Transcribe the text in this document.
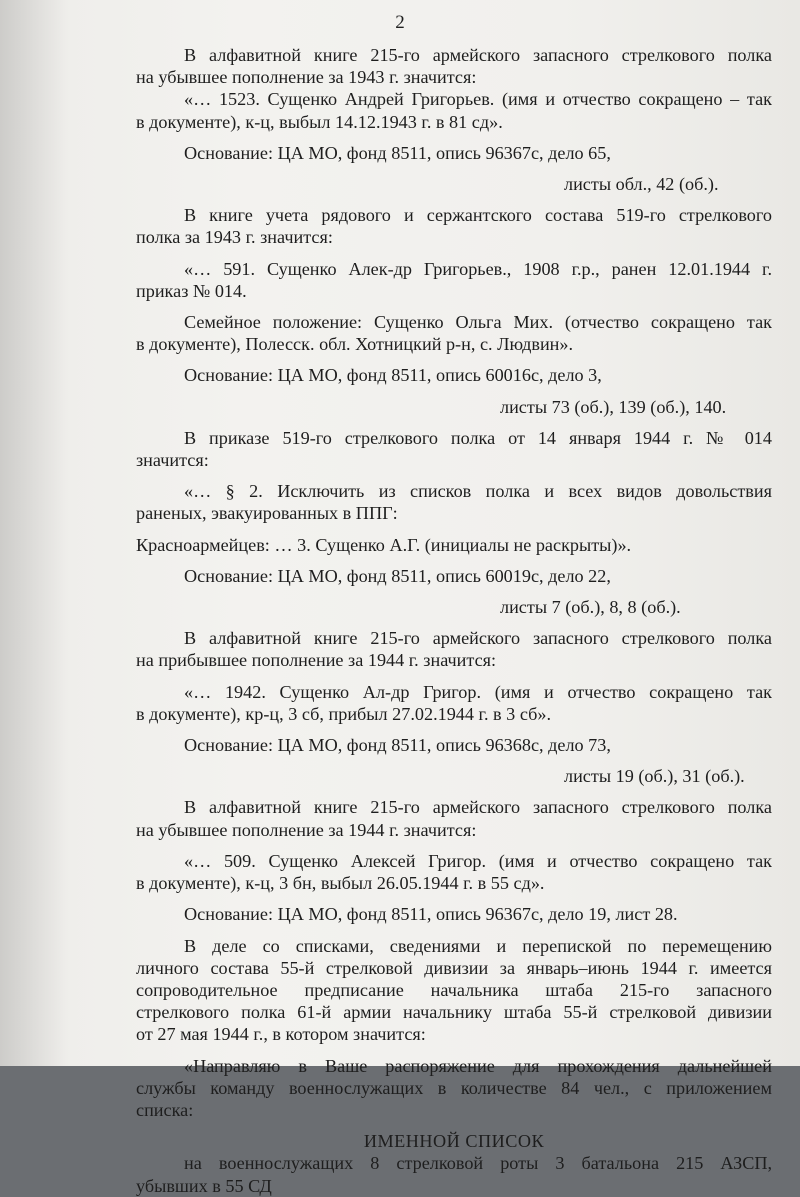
2

В алфавитной книге 215-го армейского запасного стрелкового полка

на убывшее пополнение за 1943 г. значится:

«… 1523. Сущенко Андрей Григорьев. (имя и отчество сокращено – так

в документе), к-ц, выбыл 14.12.1943 г. в 81 сд».

Основание: ЦА МО, фонд 8511, опись 96367с, дело 65,

листы обл., 42 (об.).

В книге учета рядового и сержантского состава 519-го стрелкового

полка за 1943 г. значится:

«… 591. Сущенко Алек-др Григорьев., 1908 г.р., ранен 12.01.1944 г.

приказ № 014.

Семейное положение: Сущенко Ольга Мих. (отчество сокращено так

в документе), Полесск. обл. Хотницкий р-н, с. Людвин».

Основание: ЦА МО, фонд 8511, опись 60016с, дело 3,

листы 73 (об.), 139 (об.), 140.

В приказе 519-го стрелкового полка от 14 января 1944 г. № 014

значится:

«… § 2. Исключить из списков полка и всех видов довольствия

раненых, эвакуированных в ППГ:

Красноармейцев: … 3. Сущенко А.Г. (инициалы не раскрыты)».

Основание: ЦА МО, фонд 8511, опись 60019с, дело 22,

листы 7 (об.), 8, 8 (об.).

В алфавитной книге 215-го армейского запасного стрелкового полка

на прибывшее пополнение за 1944 г. значится:

«… 1942. Сущенко Ал-др Григор. (имя и отчество сокращено так

в документе), кр-ц, 3 сб, прибыл 27.02.1944 г. в 3 сб».

Основание: ЦА МО, фонд 8511, опись 96368с, дело 73,

листы 19 (об.), 31 (об.).

В алфавитной книге 215-го армейского запасного стрелкового полка

на убывшее пополнение за 1944 г. значится:

«… 509. Сущенко Алексей Григор. (имя и отчество сокращено так

в документе), к-ц, 3 бн, выбыл 26.05.1944 г. в 55 сд».

Основание: ЦА МО, фонд 8511, опись 96367с, дело 19, лист 28.

В деле со списками, сведениями и перепиской по перемещению

личного состава 55-й стрелковой дивизии за январь–июнь 1944 г. имеется

сопроводительное предписание начальника штаба 215-го запасного

стрелкового полка 61-й армии начальнику штаба 55-й стрелковой дивизии

от 27 мая 1944 г., в котором значится:

«Направляю в Ваше распоряжение для прохождения дальнейшей

службы команду военнослужащих в количестве 84 чел., с приложением

списка:

ИМЕННОЙ СПИСОК

на военнослужащих 8 стрелковой роты 3 батальона 215 АЗСП,

убывших в 55 СД
